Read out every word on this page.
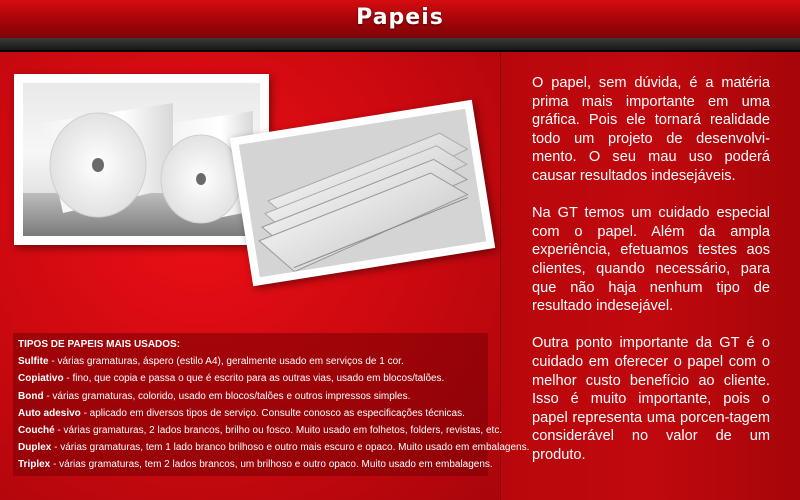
Papeis
TIPOS DE PAPEIS MAIS USADOS:
Sulfite - várias gramaturas, áspero (estilo A4), geralmente usado em serviços de 1 cor.
Copiativo - fino, que copia e passa o que é escrito para as outras vias, usado em blocos/talões.
Bond - várias gramaturas, colorido, usado em blocos/talões e outros impressos simples.
Auto adesivo - aplicado em diversos tipos de serviço. Consulte conosco as especificações técnicas.
Couché - várias gramaturas, 2 lados brancos, brilho ou fosco. Muito usado em folhetos, folders, revistas, etc.
Duplex - várias gramaturas, tem 1 lado branco brilhoso e outro mais escuro e opaco. Muito usado em embalagens.
Triplex - várias gramaturas, tem 2 lados brancos, um brilhoso e outro opaco. Muito usado em embalagens.

O papel, sem dúvida, é a matéria prima mais importante em uma gráfica. Pois ele tornará realidade todo um projeto de desenvolvi-mento. O seu mau uso poderá causar resultados indesejáveis.

Na GT temos um cuidado especial com o papel. Além da ampla experiência, efetuamos testes aos clientes, quando necessário, para que não haja nenhum tipo de resultado indesejável.

Outra ponto importante da GT é o cuidado em oferecer o papel com o melhor custo benefício ao cliente. Isso é muito importante, pois o papel representa uma porcen-tagem considerável no valor de um produto.
